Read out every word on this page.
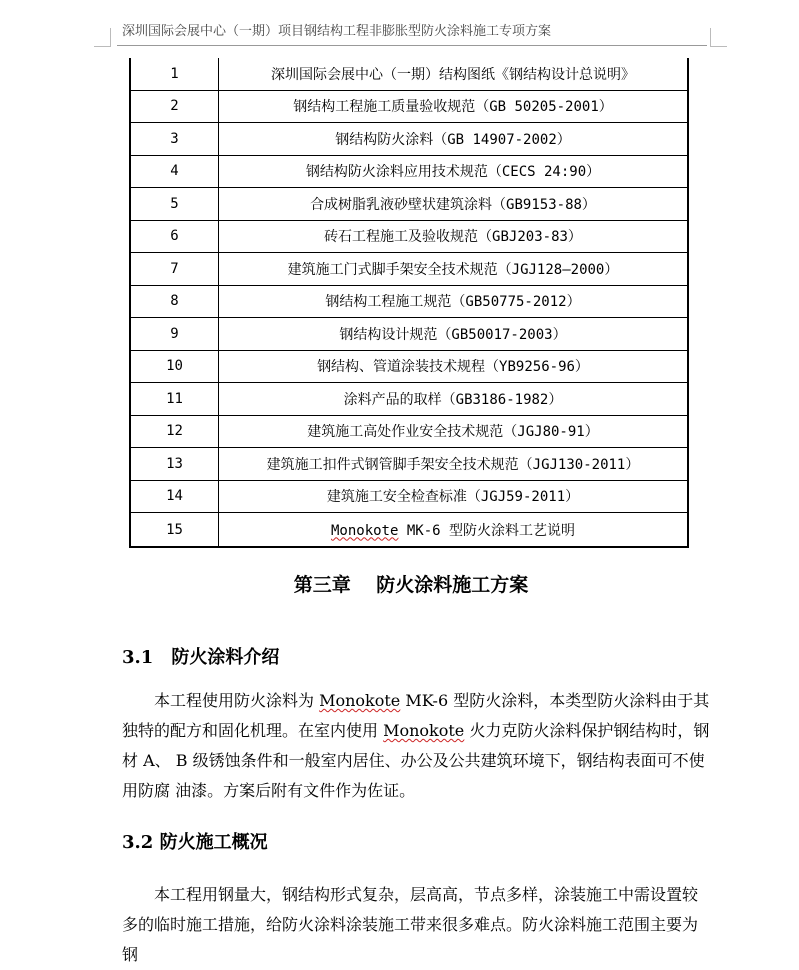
深圳国际会展中心（一期）项目钢结构工程非膨胀型防火涂料施工专项方案
1	深圳国际会展中心（一期）结构图纸《钢结构设计总说明》
2	钢结构工程施工质量验收规范（GB 50205-2001）
3	钢结构防火涂料（GB 14907-2002）
4	钢结构防火涂料应用技术规范（CECS 24:90）
5	合成树脂乳液砂壁状建筑涂料（GB9153-88）
6	砖石工程施工及验收规范（GBJ203-83）
7	建筑施工门式脚手架安全技术规范（JGJ128—2000）
8	钢结构工程施工规范（GB50775-2012）
9	钢结构设计规范（GB50017-2003）
10	钢结构、管道涂装技术规程（YB9256-96）
11	涂料产品的取样（GB3186-1982）
12	建筑施工高处作业安全技术规范（JGJ80-91）
13	建筑施工扣件式钢管脚手架安全技术规范（JGJ130-2011）
14	建筑施工安全检查标准（JGJ59-2011）
15	Monokote MK-6 型防火涂料工艺说明
第三章　 防火涂料施工方案
3.1　防火涂料介绍
本工程使用防火涂料为 Monokote MK-6 型防火涂料，本类型防火涂料由于其独特的配方和固化机理。在室内使用 Monokote 火力克防火涂料保护钢结构时，钢材 A、 B 级锈蚀条件和一般室内居住、办公及公共建筑环境下，钢结构表面可不使用防腐 油漆。方案后附有文件作为佐证。
3.2 防火施工概况
本工程用钢量大，钢结构形式复杂，层高高，节点多样，涂装施工中需设置较多的临时施工措施，给防火涂料涂装施工带来很多难点。防火涂料施工范围主要为钢
